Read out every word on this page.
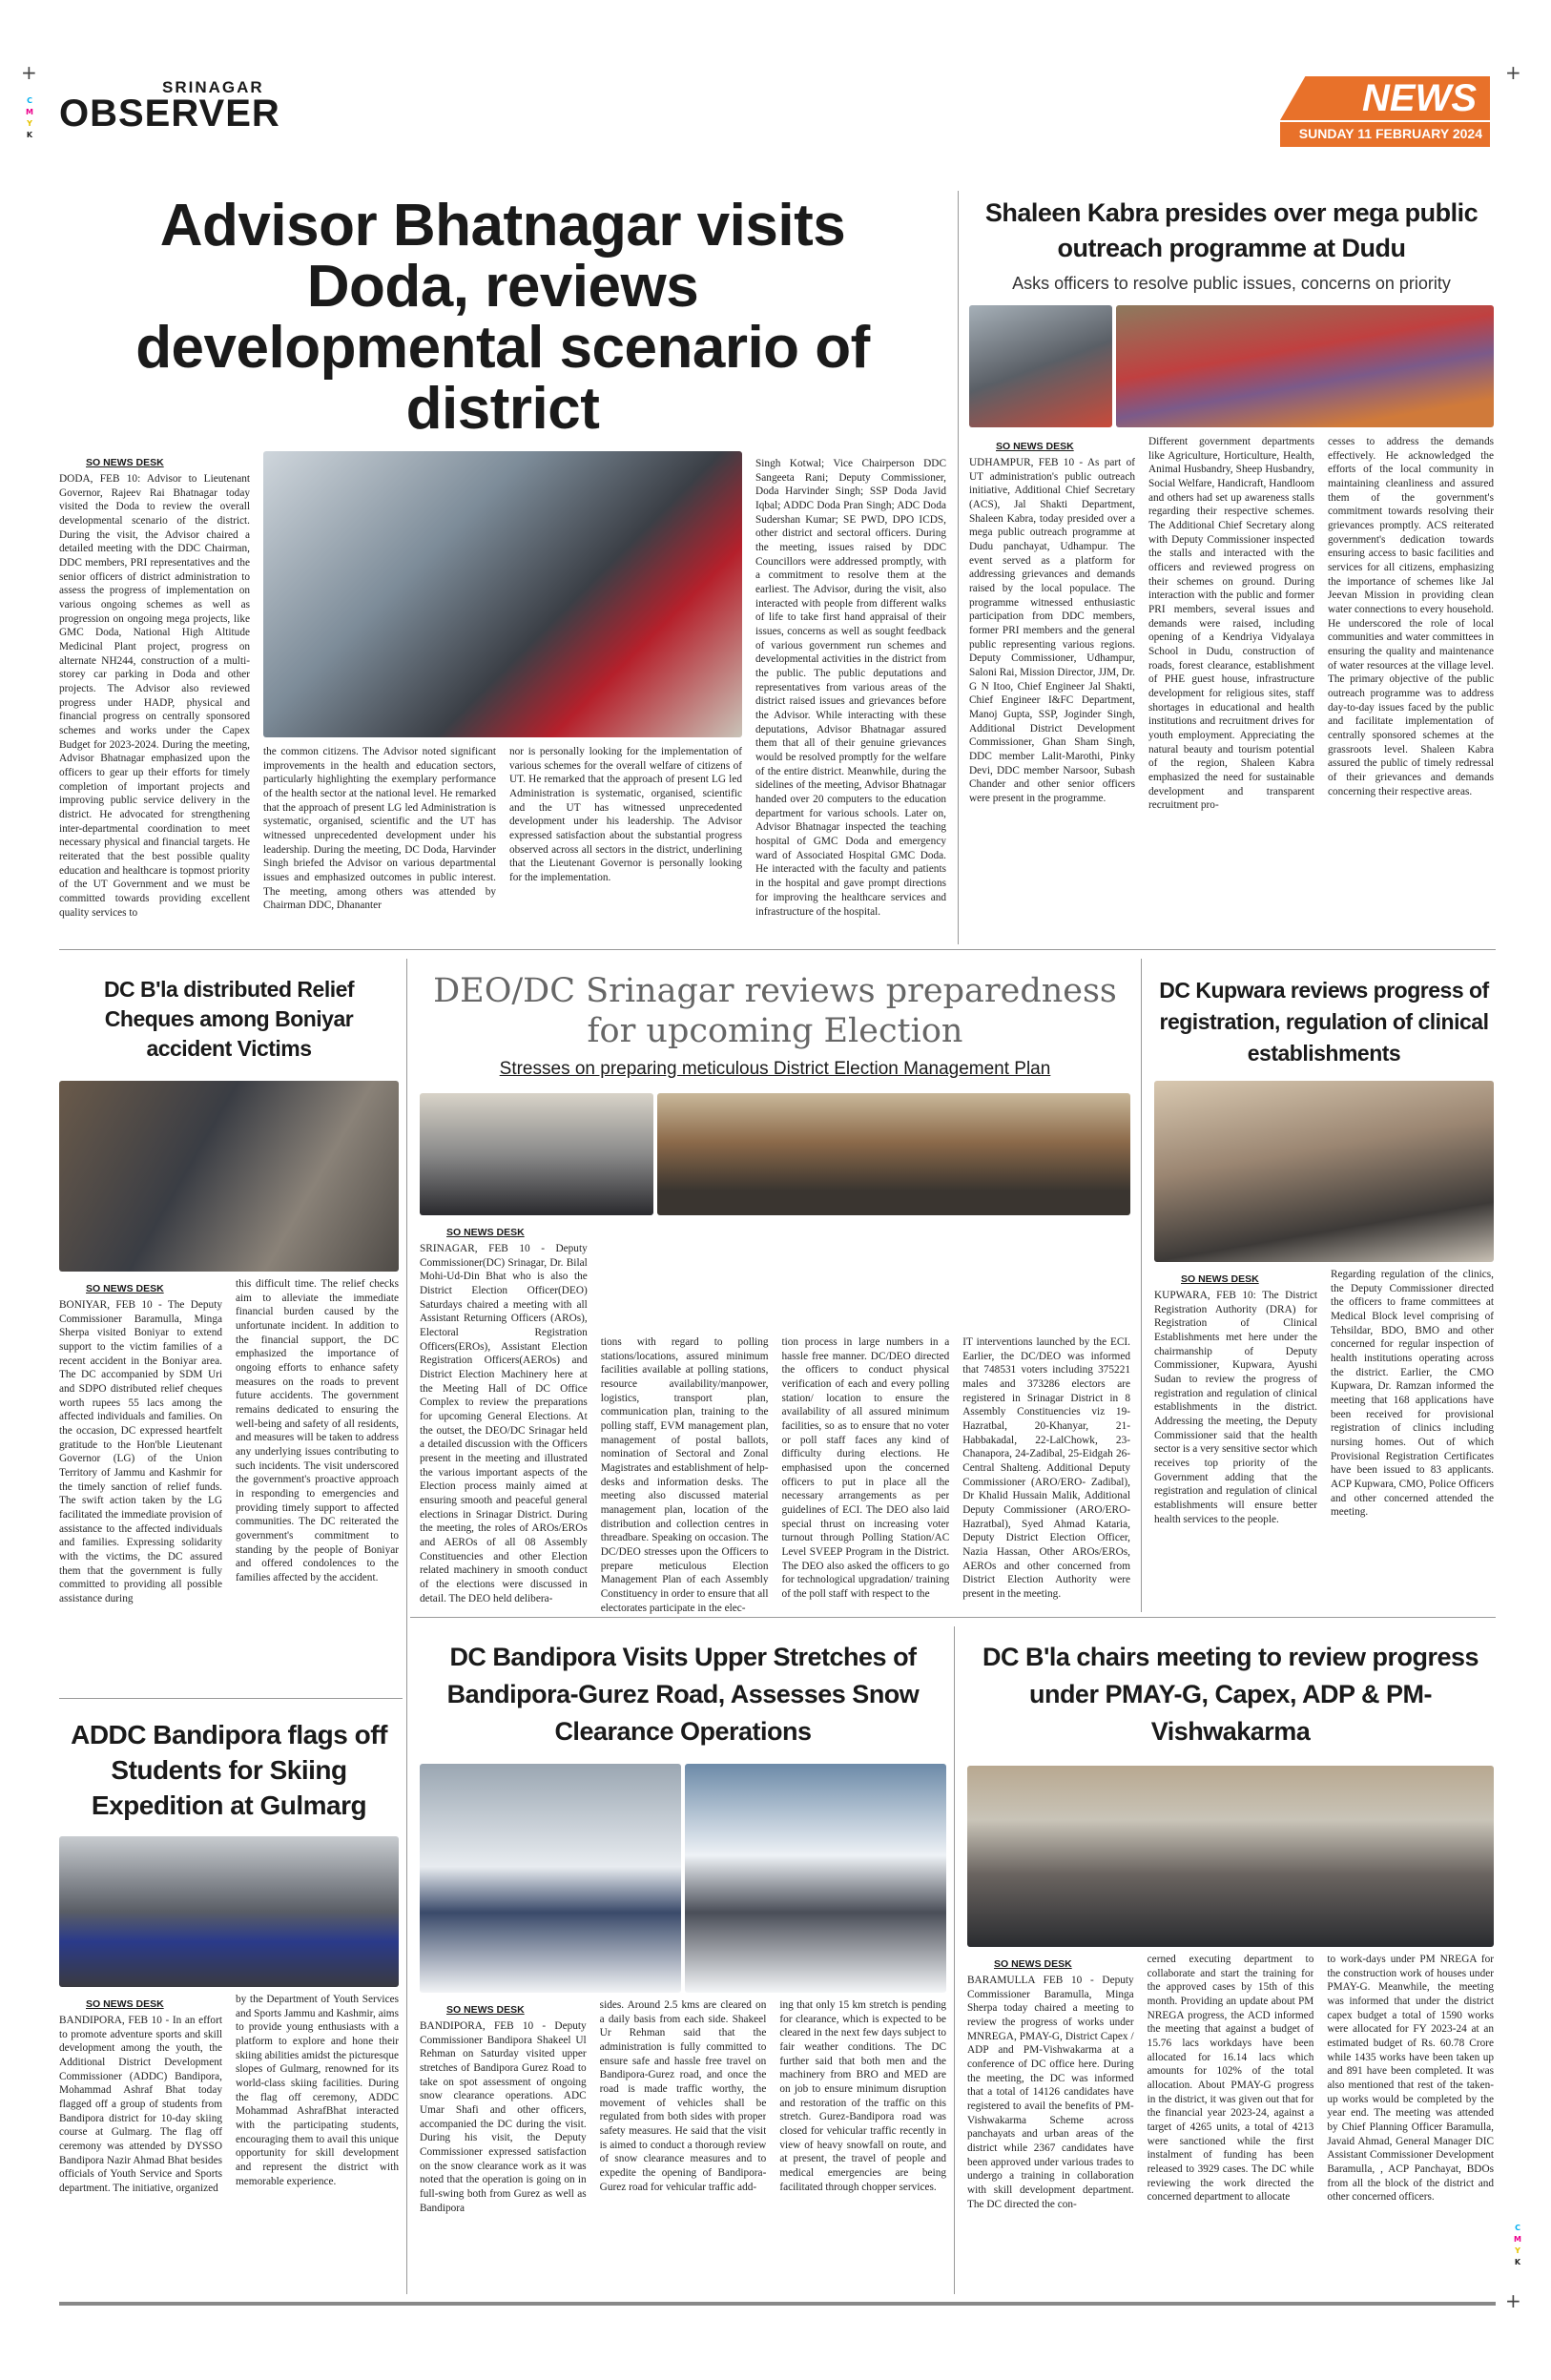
+	+
+
C
M
Y
K
C
M
Y
K
SRINAGAR
OBSERVER	NEWS
SUNDAY 11 FEBRUARY 2024
Advisor Bhatnagar visits Doda, reviews developmental scenario of district
SO NEWS DESK
DODA, FEB 10: Advisor to Lieutenant Governor, Rajeev Rai Bhatnagar today visited the Doda to review the overall developmental scenario of the district. During the visit, the Advisor chaired a detailed meeting with the DDC Chairman, DDC members, PRI representatives and the senior officers of district administration to assess the progress of implementation on various ongoing schemes as well as progression on ongoing mega projects, like GMC Doda, National High Altitude Medicinal Plant project, progress on alternate NH244, construction of a multi-storey car parking in Doda and other projects. The Advisor also reviewed progress under HADP, physical and financial progress on centrally sponsored schemes and works under the Capex Budget for 2023-2024. During the meeting, Advisor Bhatnagar emphasized upon the officers to gear up their efforts for timely completion of important projects and improving public service delivery in the district. He advocated for strengthening inter-departmental coordination to meet necessary physical and financial targets. He reiterated that the best possible quality education and healthcare is topmost priority of the UT Government and we must be committed towards providing excellent quality services to
the common citizens. The Advisor noted significant improvements in the health and education sectors, particularly highlighting the exemplary performance of the health sector at the national level. He remarked that the approach of present LG led Administration is systematic, organised, scientific and the UT has witnessed unprecedented development under his leadership. During the meeting, DC Doda, Harvinder Singh briefed the Advisor on various departmental issues and emphasized outcomes in public interest. The meeting, among others was attended by Chairman DDC, Dhananter
nor is personally looking for the implementation of various schemes for the overall welfare of citizens of UT. He remarked that the approach of present LG led Administration is systematic, organised, scientific and the UT has witnessed unprecedented development under his leadership. The Advisor expressed satisfaction about the substantial progress observed across all sectors in the district, underlining that the Lieutenant Governor is personally looking for the implementation.
Singh Kotwal; Vice Chairperson DDC Sangeeta Rani; Deputy Commissioner, Doda Harvinder Singh; SSP Doda Javid Iqbal; ADDC Doda Pran Singh; ADC Doda Sudershan Kumar; SE PWD, DPO ICDS, other district and sectoral officers. During the meeting, issues raised by DDC Councillors were addressed promptly, with a commitment to resolve them at the earliest. The Advisor, during the visit, also interacted with people from different walks of life to take first hand appraisal of their issues, concerns as well as sought feedback of various government run schemes and developmental activities in the district from the public. The public deputations and representatives from various areas of the district raised issues and grievances before the Advisor. While interacting with these deputations, Advisor Bhatnagar assured them that all of their genuine grievances would be resolved promptly for the welfare of the entire district. Meanwhile, during the sidelines of the meeting, Advisor Bhatnagar handed over 20 computers to the education department for various schools. Later on, Advisor Bhatnagar inspected the teaching hospital of GMC Doda and emergency ward of Associated Hospital GMC Doda. He interacted with the faculty and patients in the hospital and gave prompt directions for improving the healthcare services and infrastructure of the hospital.
Shaleen Kabra presides over mega public outreach programme at Dudu
Asks officers to resolve public issues, concerns on priority
SO NEWS DESK
UDHAMPUR, FEB 10 - As part of UT administration's public outreach initiative, Additional Chief Secretary (ACS), Jal Shakti Department, Shaleen Kabra, today presided over a mega public outreach programme at Dudu panchayat, Udhampur. The event served as a platform for addressing grievances and demands raised by the local populace. The programme witnessed enthusiastic participation from DDC members, former PRI members and the general public representing various regions. Deputy Commissioner, Udhampur, Saloni Rai, Mission Director, JJM, Dr. G N Itoo, Chief Engineer Jal Shakti, Chief Engineer I&FC Department, Manoj Gupta, SSP, Joginder Singh, Additional District Development Commissioner, Ghan Sham Singh, DDC member Lalit-Marothi, Pinky Devi, DDC member Narsoor, Subash Chander and other senior officers were present in the programme.
Different government departments like Agriculture, Horticulture, Health, Animal Husbandry, Sheep Husbandry, Social Welfare, Handicraft, Handloom and others had set up awareness stalls regarding their respective schemes. The Additional Chief Secretary along with Deputy Commissioner inspected the stalls and interacted with the officers and reviewed progress on their schemes on ground. During interaction with the public and former PRI members, several issues and demands were raised, including opening of a Kendriya Vidyalaya School in Dudu, construction of roads, forest clearance, establishment of PHE guest house, infrastructure development for religious sites, staff shortages in educational and health institutions and recruitment drives for youth employment. Appreciating the natural beauty and tourism potential of the region, Shaleen Kabra emphasized the need for sustainable development and transparent recruitment pro-
cesses to address the demands effectively. He acknowledged the efforts of the local community in maintaining cleanliness and assured them of the government's commitment towards resolving their grievances promptly. ACS reiterated government's dedication towards ensuring access to basic facilities and services for all citizens, emphasizing the importance of schemes like Jal Jeevan Mission in providing clean water connections to every household. He underscored the role of local communities and water committees in ensuring the quality and maintenance of water resources at the village level. The primary objective of the public outreach programme was to address day-to-day issues faced by the public and facilitate implementation of centrally sponsored schemes at the grassroots level. Shaleen Kabra assured the public of timely redressal of their grievances and demands concerning their respective areas.
DC B'la distributed Relief Cheques among Boniyar accident Victims
SO NEWS DESK
BONIYAR, FEB 10 - The Deputy Commissioner Baramulla, Minga Sherpa visited Boniyar to extend support to the victim families of a recent accident in the Boniyar area. The DC accompanied by SDM Uri and SDPO distributed relief cheques worth rupees 55 lacs among the affected individuals and families. On the occasion, DC expressed heartfelt gratitude to the Hon'ble Lieutenant Governor (LG) of the Union Territory of Jammu and Kashmir for the timely sanction of relief funds. The swift action taken by the LG facilitated the immediate provision of assistance to the affected individuals and families. Expressing solidarity with the victims, the DC assured them that the government is fully committed to providing all possible assistance during
this difficult time. The relief checks aim to alleviate the immediate financial burden caused by the unfortunate incident. In addition to the financial support, the DC emphasized the importance of ongoing efforts to enhance safety measures on the roads to prevent future accidents. The government remains dedicated to ensuring the well-being and safety of all residents, and measures will be taken to address any underlying issues contributing to such incidents. The visit underscored the government's proactive approach in responding to emergencies and providing timely support to affected communities. The DC reiterated the government's commitment to standing by the people of Boniyar and offered condolences to the families affected by the accident.
DEO/DC Srinagar reviews preparedness for upcoming Election
Stresses on preparing meticulous District Election Management Plan
SO NEWS DESK
SRINAGAR, FEB 10 - Deputy Commissioner(DC) Srinagar, Dr. Bilal Mohi-Ud-Din Bhat who is also the District Election Officer(DEO) Saturdays chaired a meeting with all Assistant Returning Officers (AROs), Electoral Registration Officers(EROs), Assistant Election Registration Officers(AEROs) and District Election Machinery here at the Meeting Hall of DC Office Complex to review the preparations for upcoming General Elections. At the outset, the DEO/DC Srinagar held a detailed discussion with the Officers present in the meeting and illustrated the various important aspects of the Election process mainly aimed at ensuring smooth and peaceful general elections in Srinagar District. During the meeting, the roles of AROs/EROs and AEROs of all 08 Assembly Constituencies and other Election related machinery in smooth conduct of the elections were discussed in detail. The DEO held delibera-
tions with regard to polling stations/locations, assured minimum facilities available at polling stations, resource availability/manpower, logistics, transport plan, communication plan, training to the polling staff, EVM management plan, management of postal ballots, nomination of Sectoral and Zonal Magistrates and establishment of help-desks and information desks. The meeting also discussed material management plan, location of the distribution and collection centres in threadbare. Speaking on occasion. The DC/DEO stresses upon the Officers to prepare meticulous Election Management Plan of each Assembly Constituency in order to ensure that all electorates participate in the elec-
tion process in large numbers in a hassle free manner. DC/DEO directed the officers to conduct physical verification of each and every polling station/ location to ensure the availability of all assured minimum facilities, so as to ensure that no voter or poll staff faces any kind of difficulty during elections. He emphasised upon the concerned officers to put in place all the necessary arrangements as per guidelines of ECI. The DEO also laid special thrust on increasing voter turnout through Polling Station/AC Level SVEEP Program in the District. The DEO also asked the officers to go for technological upgradation/ training of the poll staff with respect to the
IT interventions launched by the ECI. Earlier, the DC/DEO was informed that 748531 voters including 375221 males and 373286 electors are registered in Srinagar District in 8 Assembly Constituencies viz 19-Hazratbal, 20-Khanyar, 21-Habbakadal, 22-LalChowk, 23-Chanapora, 24-Zadibal, 25-Eidgah 26-Central Shalteng. Additional Deputy Commissioner (ARO/ERO- Zadibal), Dr Khalid Hussain Malik, Additional Deputy Commissioner (ARO/ERO-Hazratbal), Syed Ahmad Kataria, Deputy District Election Officer, Nazia Hassan, Other AROs/EROs, AEROs and other concerned from District Election Authority were present in the meeting.
DC Kupwara reviews progress of registration, regulation of clinical establishments
SO NEWS DESK
KUPWARA, FEB 10: The District Registration Authority (DRA) for Registration of Clinical Establishments met here under the chairmanship of Deputy Commissioner, Kupwara, Ayushi Sudan to review the progress of registration and regulation of clinical establishments in the district. Addressing the meeting, the Deputy Commissioner said that the health sector is a very sensitive sector which receives top priority of the Government adding that the registration and regulation of clinical establishments will ensure better health services to the people.
Regarding regulation of the clinics, the Deputy Commissioner directed the officers to frame committees at Medical Block level comprising of Tehsildar, BDO, BMO and other concerned for regular inspection of health institutions operating across the district. Earlier, the CMO Kupwara, Dr. Ramzan informed the meeting that 168 applications have been received for provisional registration of clinics including nursing homes. Out of which Provisional Registration Certificates have been issued to 83 applicants. ACP Kupwara, CMO, Police Officers and other concerned attended the meeting.
ADDC Bandipora flags off Students for Skiing Expedition at Gulmarg
SO NEWS DESK
BANDIPORA, FEB 10 - In an effort to promote adventure sports and skill development among the youth, the Additional District Development Commissioner (ADDC) Bandipora, Mohammad Ashraf Bhat today flagged off a group of students from Bandipora district for 10-day skiing course at Gulmarg. The flag off ceremony was attended by DYSSO Bandipora Nazir Ahmad Bhat besides officials of Youth Service and Sports department. The initiative, organized
by the Department of Youth Services and Sports Jammu and Kashmir, aims to provide young enthusiasts with a platform to explore and hone their skiing abilities amidst the picturesque slopes of Gulmarg, renowned for its world-class skiing facilities. During the flag off ceremony, ADDC Mohammad AshrafBhat interacted with the participating students, encouraging them to avail this unique opportunity for skill development and represent the district with memorable experience.
DC Bandipora Visits Upper Stretches of Bandipora-Gurez Road, Assesses Snow Clearance Operations
SO NEWS DESK
BANDIPORA, FEB 10 - Deputy Commissioner Bandipora Shakeel Ul Rehman on Saturday visited upper stretches of Bandipora Gurez Road to take on spot assessment of ongoing snow clearance operations. ADC Umar Shafi and other officers, accompanied the DC during the visit. During his visit, the Deputy Commissioner expressed satisfaction on the snow clearance work as it was noted that the operation is going on in full-swing both from Gurez as well as Bandipora
sides. Around 2.5 kms are cleared on a daily basis from each side. Shakeel Ur Rehman said that the administration is fully committed to ensure safe and hassle free travel on Bandipora-Gurez road, and once the road is made traffic worthy, the movement of vehicles shall be regulated from both sides with proper safety measures. He said that the visit is aimed to conduct a thorough review of snow clearance measures and to expedite the opening of Bandipora-Gurez road for vehicular traffic add-
ing that only 15 km stretch is pending for clearance, which is expected to be cleared in the next few days subject to fair weather conditions. The DC further said that both men and the machinery from BRO and MED are on job to ensure minimum disruption and restoration of the traffic on this stretch. Gurez-Bandipora road was closed for vehicular traffic recently in view of heavy snowfall on route, and at present, the travel of people and medical emergencies are being facilitated through chopper services.
DC B'la chairs meeting to review progress under PMAY-G, Capex, ADP & PM-Vishwakarma
SO NEWS DESK
BARAMULLA FEB 10 - Deputy Commissioner Baramulla, Minga Sherpa today chaired a meeting to review the progress of works under MNREGA, PMAY-G, District Capex / ADP and PM-Vishwakarma at a conference of DC office here. During the meeting, the DC was informed that a total of 14126 candidates have registered to avail the benefits of PM- Vishwakarma Scheme across panchayats and urban areas of the district while 2367 candidates have been approved under various trades to undergo a training in collaboration with skill development department. The DC directed the con-
cerned executing department to collaborate and start the training for the approved cases by 15th of this month. Providing an update about PM NREGA progress, the ACD informed the meeting that against a budget of 15.76 lacs workdays have been allocated for 16.14 lacs which amounts for 102% of the total allocation. About PMAY-G progress in the district, it was given out that for the financial year 2023-24, against a target of 4265 units, a total of 4213 were sanctioned while the first instalment of funding has been released to 3929 cases. The DC while reviewing the work directed the concerned department to allocate
to work-days under PM NREGA for the construction work of houses under PMAY-G. Meanwhile, the meeting was informed that under the district capex budget a total of 1590 works were allocated for FY 2023-24 at an estimated budget of Rs. 60.78 Crore while 1435 works have been taken up and 891 have been completed. It was also mentioned that rest of the taken-up works would be completed by the year end. The meeting was attended by Chief Planning Officer Baramulla, Javaid Ahmad, General Manager DIC Assistant Commissioner Development Baramulla, , ACP Panchayat, BDOs from all the block of the district and other concerned officers.
